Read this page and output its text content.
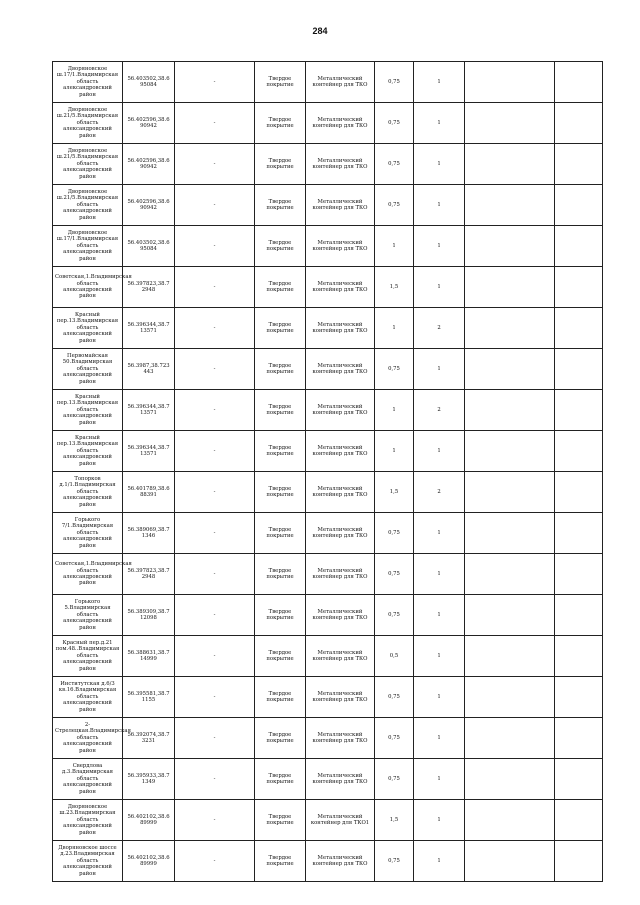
284
Дворяновское ш.17/1.Владимирская область александровский район	56.403502,38.6 95084	-	Твердое покрытие	Металлический контейнер для ТКО	0,75	1		
Дворяновское ш.21/5.Владимирская область александровский район	56.402596,38.6 90942	-	Твердое покрытие	Металлический контейнер для ТКО	0,75	1		
Дворяновское ш.21/5.Владимирская область александровский район	56.402596,38.6 90942	-	Твердое покрытие	Металлический контейнер для ТКО	0,75	1		
Дворяновское ш.21/5.Владимирская область александровский район	56.402596,38.6 90942	-	Твердое покрытие	Металлический контейнер для ТКО	0,75	1		
Дворяновское ш.17/1.Владимирская область александровский район	56.403502,38.6 95084	-	Твердое покрытие	Металлический контейнер для ТКО	1	1		
Советская,1.Владимирская область александровский район	56.397823,38.7 2948	-	Твердое покрытие	Металлический контейнер для ТКО	1,5	1		
Красный пер.13.Владимирская область александровский район	56.396344,38.7 13571	-	Твердое покрытие	Металлический контейнер для ТКО	1	2		
Первомайская 50.Владимирская область александровский район	56.3987,38.723 443	-	Твердое покрытие	Металлический контейнер для ТКО	0,75	1		
Красный пер.13.Владимирская область александровский район	56.396344,38.7 13571	-	Твердое покрытие	Металлический контейнер для ТКО	1	2		
Красный пер.13.Владимирская область александровский район	56.396344,38.7 13571	-	Твердое покрытие	Металлический контейнер для ТКО	1	1		
Топорков д.1/1.Владимирская область александровский район	56.401789,38.6 88391	-	Твердое покрытие	Металлический контейнер для ТКО	1,5	2		
Горького 7/1.Владимирская область александровский район	56.389069,38.7 1346	-	Твердое покрытие	Металлический контейнер для ТКО	0,75	1		
Советская,1.Владимирская область александровский район	56.397823,38.7 2948	-	Твердое покрытие	Металлический контейнер для ТКО	0,75	1		
Горького 5.Владимирская область александровский район	56.389309,38.7 12098	-	Твердое покрытие	Металлический контейнер для ТКО	0,75	1		
Красный пер.д.21 пом.48..Владимирская область александровский район	56.388631,38.7 14999	-	Твердое покрытие	Металлический контейнер для ТКО	0,5	1		
Институтская д.6/3 кв.16.Владимирская область александровский район	56.395581,38.7 1155	-	Твердое покрытие	Металлический контейнер для ТКО	0,75	1		
2-Стрелецкая.Владимирская область александровский район	56.392074,38.7 3231	-	Твердое покрытие	Металлический контейнер для ТКО	0,75	1		
Свердлова д.3.Владимирская область александровский район	56.395933,38.7 1349	-	Твердое покрытие	Металлический контейнер для ТКО	0,75	1		
Дворяновское ш.23.Владимирская область александровский район	56.402102,38.6 89999	-	Твердое покрытие	Металлический контейнер для ТКО1	1,5	1		
Дворяновское шоссе д.23.Владимирская область александровский район	56.402102,38.6 89999	-	Твердое покрытие	Металлический контейнер для ТКО	0,75	1		
